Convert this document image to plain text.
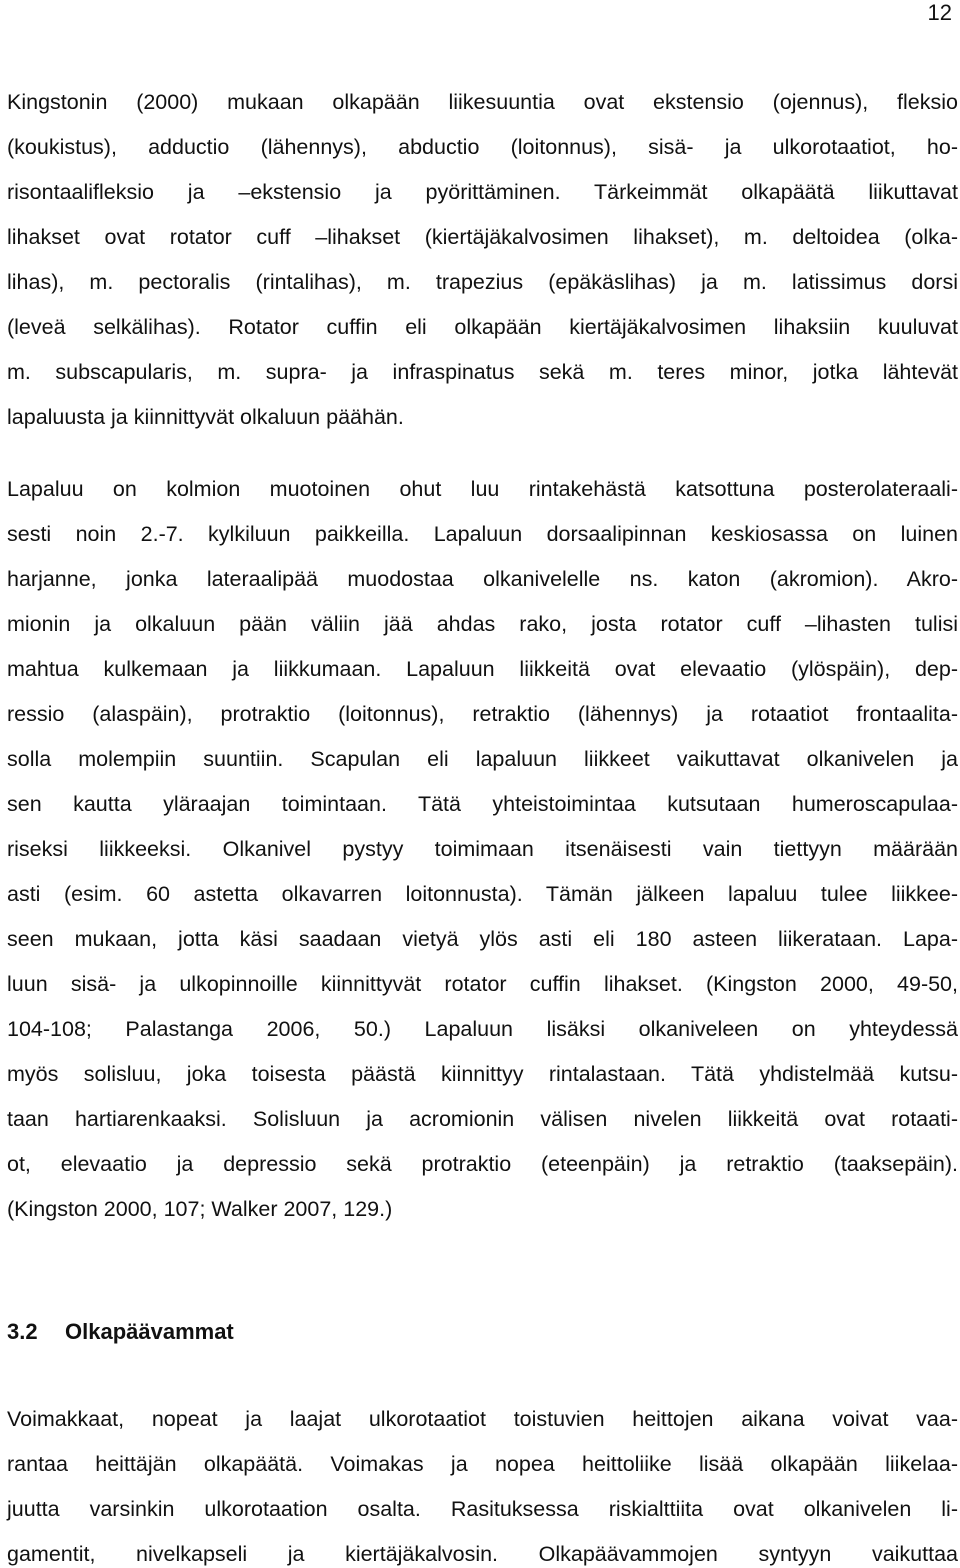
12
Kingstonin (2000) mukaan olkapään liikesuuntia ovat ekstensio (ojennus), fleksio
(koukistus), adductio (lähennys), abductio (loitonnus), sisä- ja ulkorotaatiot, ho-
risontaalifleksio ja –ekstensio ja pyörittäminen. Tärkeimmät olkapäätä liikuttavat
lihakset ovat rotator cuff –lihakset (kiertäjäkalvosimen lihakset), m. deltoidea (olka-
lihas), m. pectoralis (rintalihas), m. trapezius (epäkäslihas) ja m. latissimus dorsi
(leveä selkälihas). Rotator cuffin eli olkapään kiertäjäkalvosimen lihaksiin kuuluvat
m. subscapularis, m. supra- ja infraspinatus sekä m. teres minor, jotka lähtevät
lapaluusta ja kiinnittyvät olkaluun päähän.
Lapaluu on kolmion muotoinen ohut luu rintakehästä katsottuna posterolateraali-
sesti noin 2.-7. kylkiluun paikkeilla. Lapaluun dorsaalipinnan keskiosassa on luinen
harjanne, jonka lateraalipää muodostaa olkanivelelle ns. katon (akromion). Akro-
mionin ja olkaluun pään väliin jää ahdas rako, josta rotator cuff –lihasten tulisi
mahtua kulkemaan ja liikkumaan. Lapaluun liikkeitä ovat elevaatio (ylöspäin), dep-
ressio (alaspäin), protraktio (loitonnus), retraktio (lähennys) ja rotaatiot frontaalita-
solla molempiin suuntiin. Scapulan eli lapaluun liikkeet vaikuttavat olkanivelen ja
sen kautta yläraajan toimintaan. Tätä yhteistoimintaa kutsutaan humeroscapulaa-
riseksi liikkeeksi. Olkanivel pystyy toimimaan itsenäisesti vain tiettyyn määrään
asti (esim. 60 astetta olkavarren loitonnusta). Tämän jälkeen lapaluu tulee liikkee-
seen mukaan, jotta käsi saadaan vietyä ylös asti eli 180 asteen liikerataan. Lapa-
luun sisä- ja ulkopinnoille kiinnittyvät rotator cuffin lihakset. (Kingston 2000, 49-50,
104-108; Palastanga 2006, 50.) Lapaluun lisäksi olkaniveleen on yhteydessä
myös solisluu, joka toisesta päästä kiinnittyy rintalastaan. Tätä yhdistelmää kutsu-
taan hartiarenkaaksi. Solisluun ja acromionin välisen nivelen liikkeitä ovat rotaati-
ot, elevaatio ja depressio sekä protraktio (eteenpäin) ja retraktio (taaksepäin).
(Kingston 2000, 107; Walker 2007, 129.)
3.2 Olkapäävammat
Voimakkaat, nopeat ja laajat ulkorotaatiot toistuvien heittojen aikana voivat vaa-
rantaa heittäjän olkapäätä. Voimakas ja nopea heittoliike lisää olkapään liikelaa-
juutta varsinkin ulkorotaation osalta. Rasituksessa riskialttiita ovat olkanivelen li-
gamentit, nivelkapseli ja kiertäjäkalvosin. Olkapäävammojen syntyyn vaikuttaa
